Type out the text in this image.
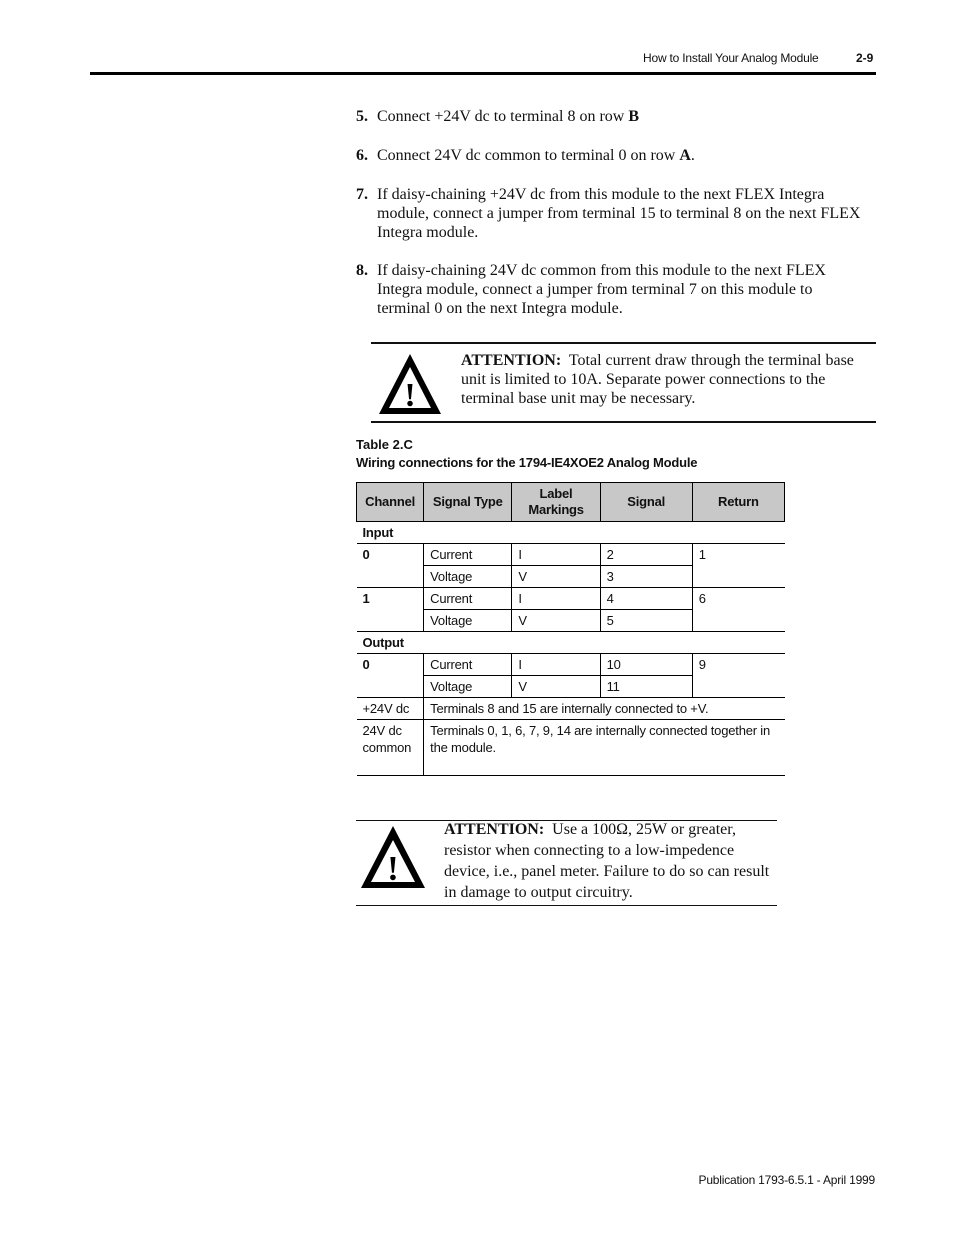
How to Install Your Analog Module	2-9
5. Connect +24V dc to terminal 8 on row B
6. Connect 24V dc common to terminal 0 on row A.
7. If daisy-chaining +24V dc from this module to the next FLEX Integra module, connect a jumper from terminal 15 to terminal 8 on the next FLEX Integra module.
8. If daisy-chaining 24V dc common from this module to the next FLEX Integra module, connect a jumper from terminal 7 on this module to terminal 0 on the next Integra module.
!
ATTENTION: Total current draw through the terminal base unit is limited to 10A. Separate power connections to the terminal base unit may be necessary.
Table 2.C
Wiring connections for the 1794-IE4XOE2 Analog Module
Channel	Signal Type	Label Markings	Signal	Return
Input				
0	Current	I	2	1
	Voltage	V	3	
1	Current	I	4	6
	Voltage	V	5	
Output				
0	Current	I	10	9
	Voltage	V	11	
+24V dc	Terminals 8 and 15 are internally connected to +V.			

24V dc common	Terminals 0, 1, 6, 7, 9, 14 are internally connected together in the module.			
!
ATTENTION: Use a 100Ω, 25W or greater, resistor when connecting to a low-impedence device, i.e., panel meter. Failure to do so can result in damage to output circuitry.
Publication 1793-6.5.1 - April 1999
